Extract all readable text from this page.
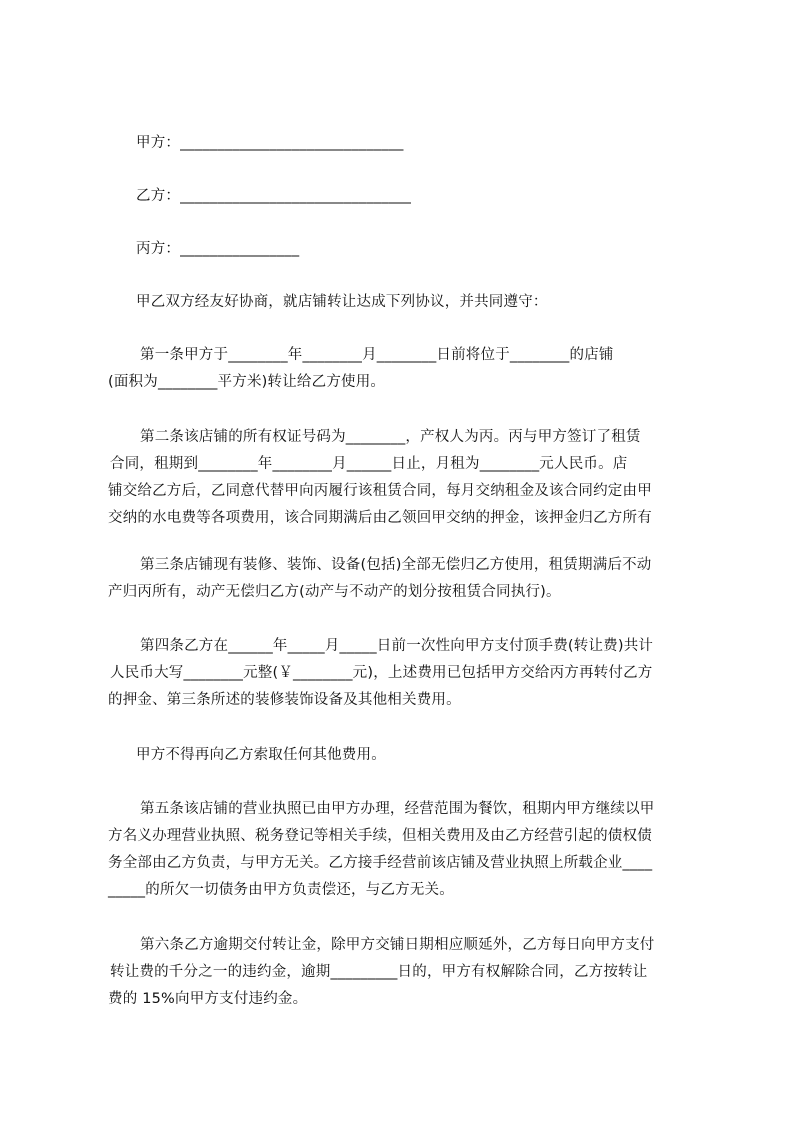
甲方：______________________________
乙方：_______________________________
丙方：________________
甲乙双方经友好协商，就店铺转让达成下列协议，并共同遵守：
第一条甲方于________年________月________日前将位于________的店铺
(面积为________平方米)转让给乙方使用。
第二条该店铺的所有权证号码为________，产权人为丙。丙与甲方签订了租赁
合同，租期到________年________月______日止，月租为________元人民币。店
铺交给乙方后，乙同意代替甲向丙履行该租赁合同，每月交纳租金及该合同约定由甲
交纳的水电费等各项费用，该合同期满后由乙领回甲交纳的押金，该押金归乙方所有
第三条店铺现有装修、装饰、设备(包括)全部无偿归乙方使用，租赁期满后不动
产归丙所有，动产无偿归乙方(动产与不动产的划分按租赁合同执行)。
第四条乙方在______年_____月_____日前一次性向甲方支付顶手费(转让费)共计
人民币大写________元整(￥________元)，上述费用已包括甲方交给丙方再转付乙方
的押金、第三条所述的装修装饰设备及其他相关费用。
甲方不得再向乙方索取任何其他费用。
第五条该店铺的营业执照已由甲方办理，经营范围为餐饮，租期内甲方继续以甲
方名义办理营业执照、税务登记等相关手续，但相关费用及由乙方经营引起的债权债
务全部由乙方负责，与甲方无关。乙方接手经营前该店铺及营业执照上所载企业____
_____的所欠一切债务由甲方负责偿还，与乙方无关。
第六条乙方逾期交付转让金，除甲方交铺日期相应顺延外，乙方每日向甲方支付
转让费的千分之一的违约金，逾期_________日的，甲方有权解除合同，乙方按转让
费的 15%向甲方支付违约金。
